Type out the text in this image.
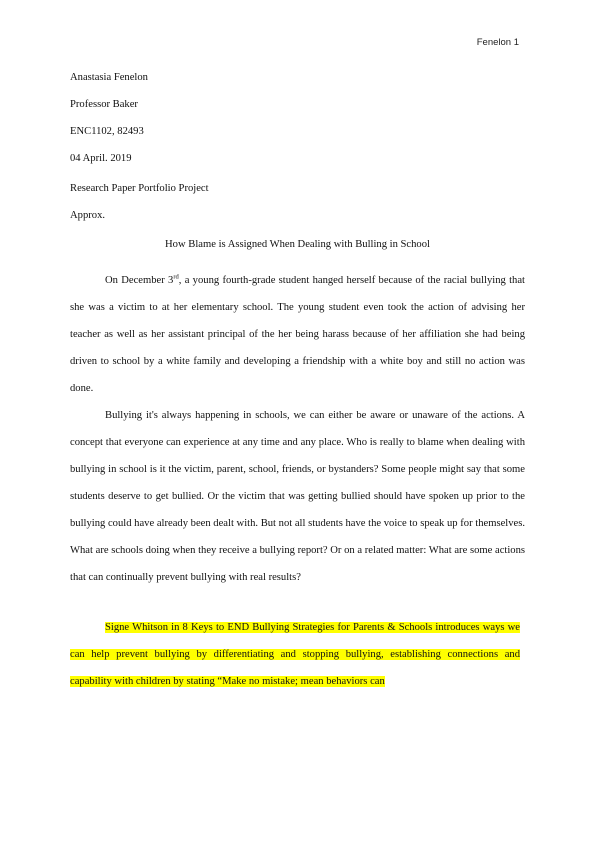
Fenelon 1
Anastasia Fenelon
Professor Baker
ENC1102, 82493
04 April. 2019
Research Paper Portfolio Project
Approx.
How Blame is Assigned When Dealing with Bulling in School

On December 3rd, a young fourth-grade student hanged herself because of the racial bullying that she was a victim to at her elementary school. The young student even took the action of advising her teacher as well as her assistant principal of the her being harass because of her affiliation she had being driven to school by a white family and developing a friendship with a white boy and still no action was done.

Bullying it's always happening in schools, we can either be aware or unaware of the actions. A concept that everyone can experience at any time and any place. Who is really to blame when dealing with bullying in school is it the victim, parent, school, friends, or bystanders? Some people might say that some students deserve to get bullied. Or the victim that was getting bullied should have spoken up prior to the bullying could have already been dealt with. But not all students have the voice to speak up for themselves. What are schools doing when they receive a bullying report? Or on a related matter: What are some actions that can continually prevent bullying with real results?

Signe Whitson in 8 Keys to END Bullying Strategies for Parents & Schools introduces ways we can help prevent bullying by differentiating and stopping bullying, establishing connections and capability with children by stating “Make no mistake; mean behaviors can
